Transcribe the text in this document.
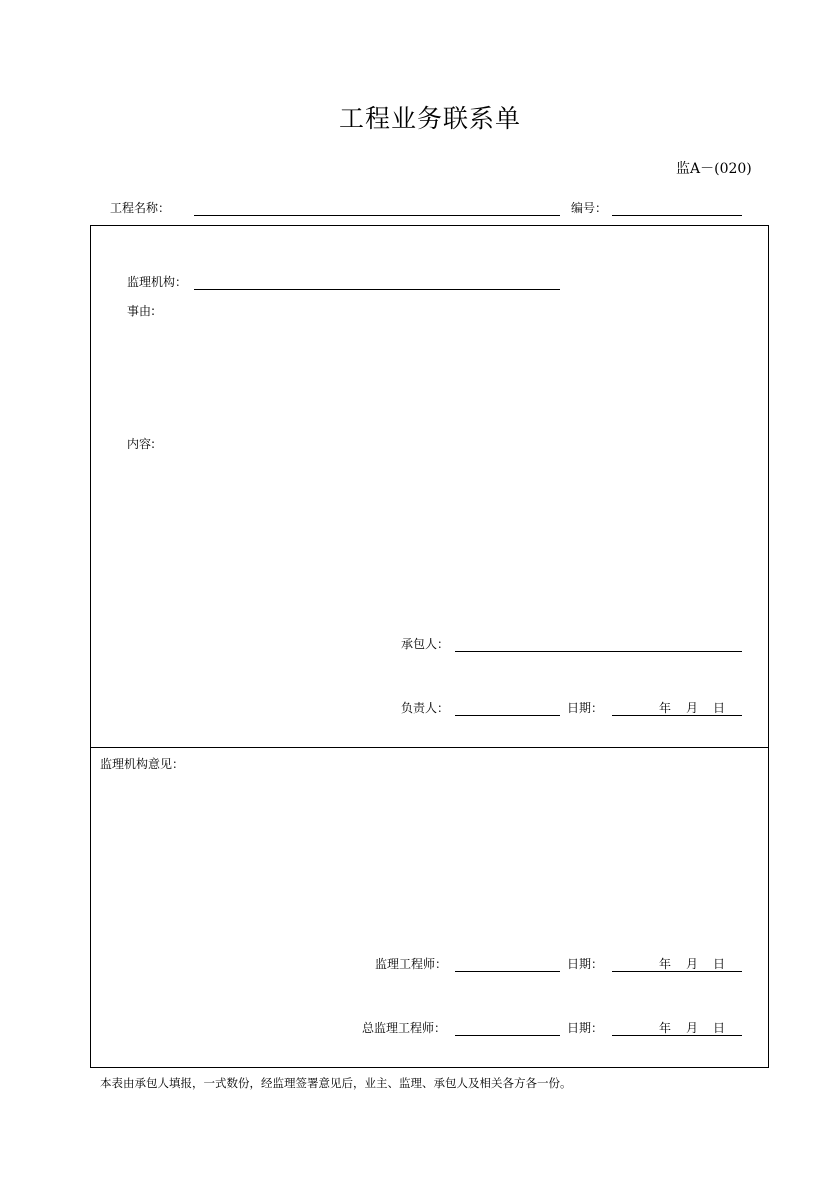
工程业务联系单
监A－(020)
工程名称：	编号：
监理机构：
事由:
内容:
承包人：
负责人：	日期：	年 月 日
监理机构意见：
监理工程师：	日期：	年 月 日
总监理工程师：	日期：	年 月 日
本表由承包人填报，一式数份，经监理签署意见后，业主、监理、承包人及相关各方各一份。
